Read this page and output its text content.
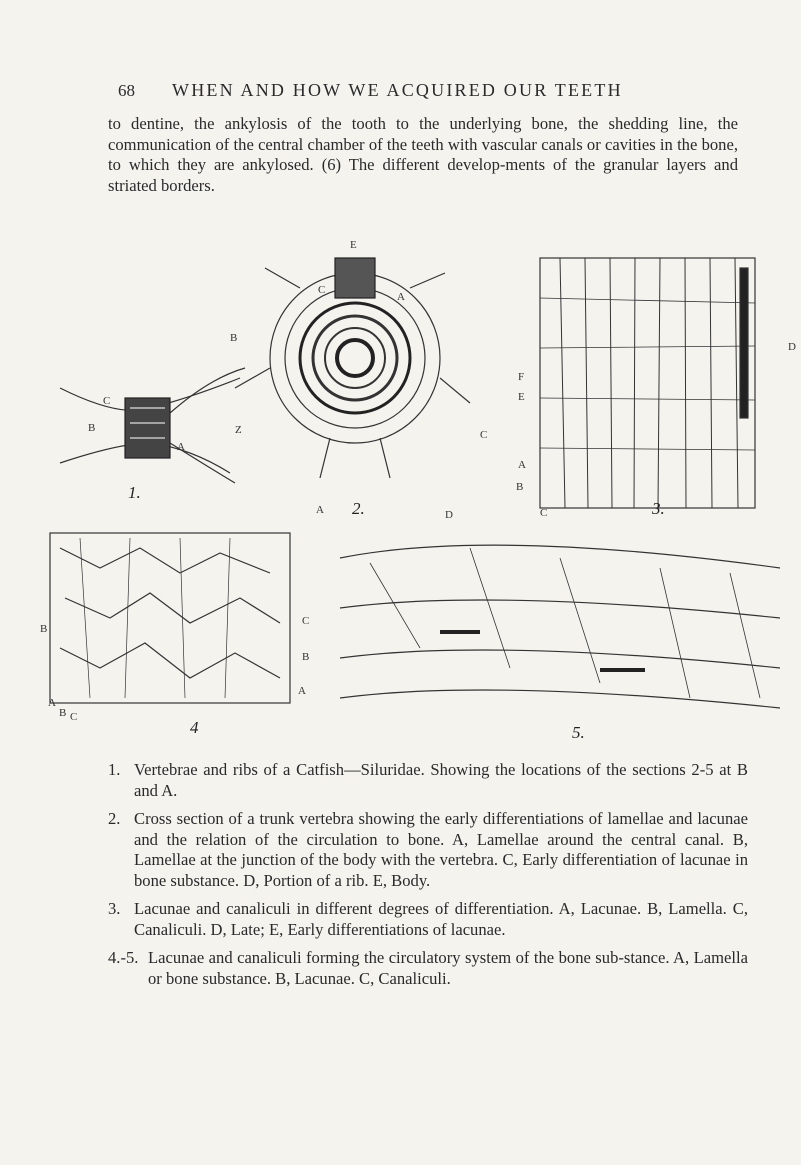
68 WHEN AND HOW WE ACQUIRED OUR TEETH
to dentine, the ankylosis of the tooth to the underlying bone, the shedding line, the communication of the central chamber of the teeth with vascular canals or cavities in the bone, to which they are ankylosed. (6) The different develop-ments of the granular layers and striated borders.
C
B
A
E
C
A
B
Z	C
A	D
F
E
A
B
C
D
B
A
B C
C
B
A
1.
2.	3.
4	5.
1. Vertebrae and ribs of a Catfish—Siluridae. Showing the locations of the sections 2-5 at B and A.
2. Cross section of a trunk vertebra showing the early differentiations of lamellae and lacunae and the relation of the circulation to bone. A, Lamellae around the central canal. B, Lamellae at the junction of the body with the vertebra. C, Early differentiation of lacunae in bone substance. D, Portion of a rib. E, Body.
3. Lacunae and canaliculi in different degrees of differentiation. A, Lacunae. B, Lamella. C, Canaliculi. D, Late; E, Early differentiations of lacunae.
4.-5. Lacunae and canaliculi forming the circulatory system of the bone sub-stance. A, Lamella or bone substance. B, Lacunae. C, Canaliculi.
